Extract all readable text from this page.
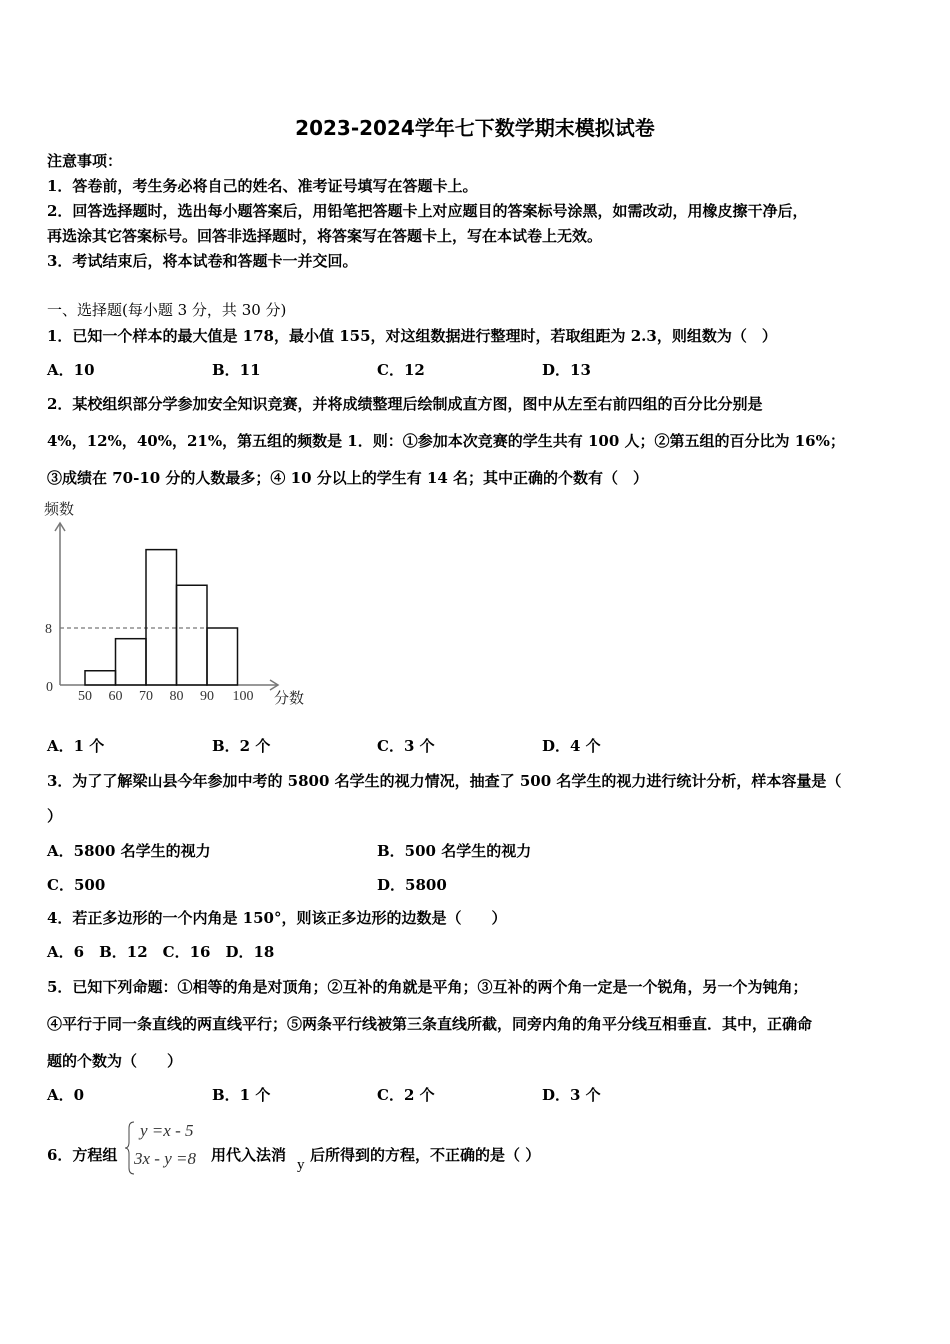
2023-2024学年七下数学期末模拟试卷
注意事项：
1．答卷前，考生务必将自己的姓名、准考证号填写在答题卡上。
2．回答选择题时，选出每小题答案后，用铅笔把答题卡上对应题目的答案标号涂黑，如需改动，用橡皮擦干净后，
再选涂其它答案标号。回答非选择题时，将答案写在答题卡上，写在本试卷上无效。
3．考试结束后，将本试卷和答题卡一并交回。
一、选择题(每小题 3 分，共 30 分)
1．已知一个样本的最大值是 178，最小值 155，对这组数据进行整理时，若取组距为 2.3，则组数为（　）
A．10	B．11	C．12	D．13
2．某校组织部分学参加安全知识竞赛，并将成绩整理后绘制成直方图，图中从左至右前四组的百分比分别是
4%，12%，40%，21%，第五组的频数是 1．则：①参加本次竞赛的学生共有 100 人；②第五组的百分比为 16%；
③成绩在 70-10 分的人数最多；④ 10 分以上的学生有 14 名；其中正确的个数有（　）
频数
分数
50 60 70 80 90 100
0
8
A．1 个	B．2 个	C．3 个	D．4 个
3．为了了解梁山县今年参加中考的 5800 名学生的视力情况，抽查了 500 名学生的视力进行统计分析，样本容量是（
）
A．5800 名学生的视力	B．500 名学生的视力
C．500	D．5800
4．若正多边形的一个内角是 150°，则该正多边形的边数是（　　）
A．6　B．12　C．16　D．18
5．已知下列命题：①相等的角是对顶角；②互补的角就是平角；③互补的两个角一定是一个锐角，另一个为钝角；
④平行于同一条直线的两直线平行；⑤两条平行线被第三条直线所截，同旁内角的角平分线互相垂直．其中，正确命
题的个数为（　　）
A．0	B．1 个	C．2 个	D．3 个
6．方程组
y =x - 5
3x - y =8 用代入法消
y
后所得到的方程，不正确的是（ ）
